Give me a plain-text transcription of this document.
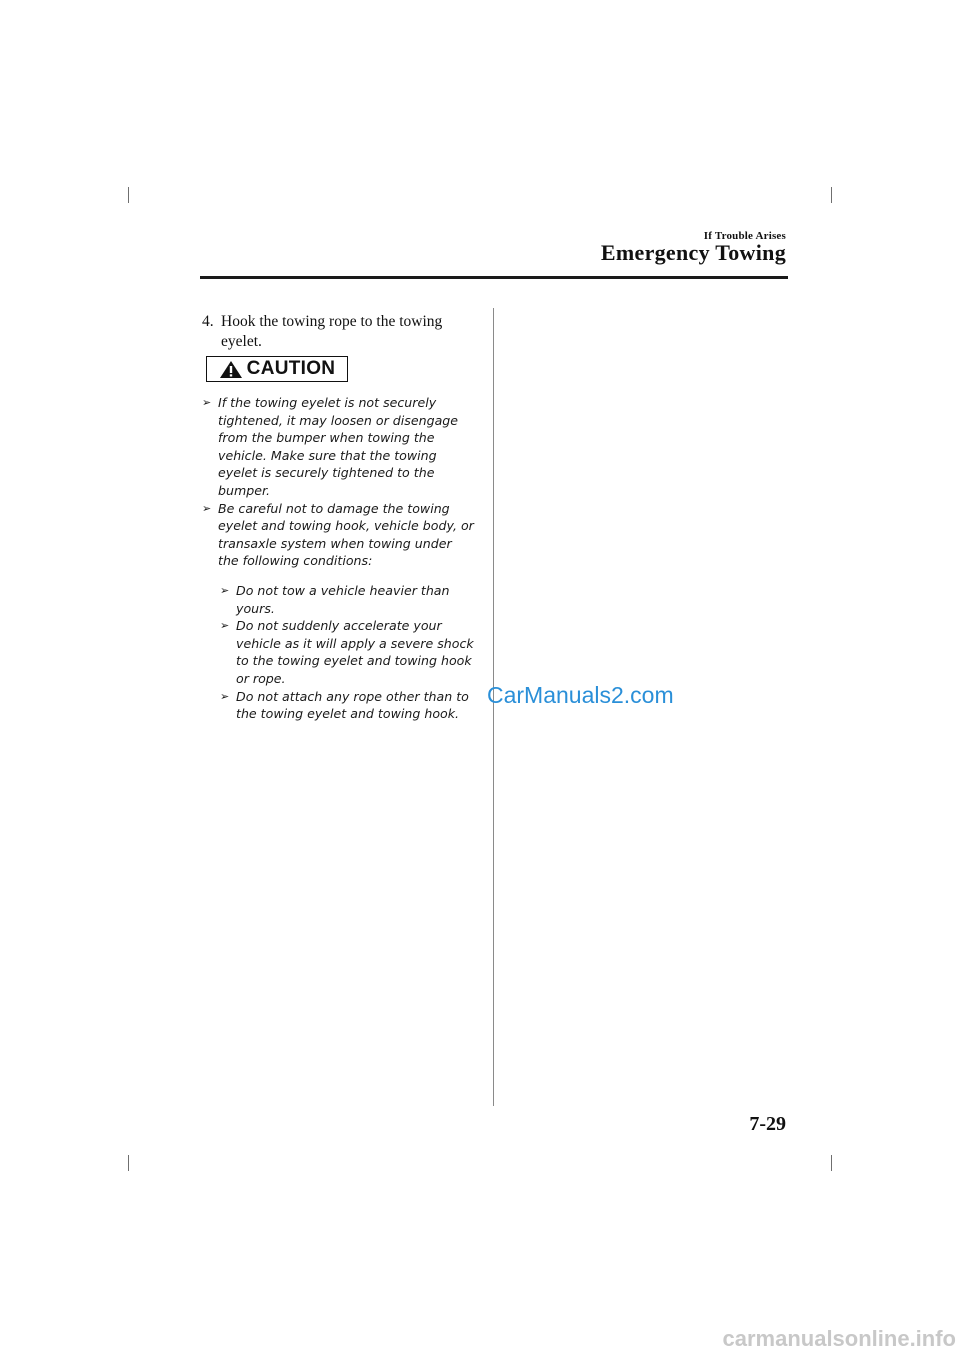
If Trouble Arises
Emergency Towing
4. Hook the towing rope to the towing eyelet.
CAUTION
➢ If the towing eyelet is not securely tightened, it may loosen or disengage from the bumper when towing the vehicle. Make sure that the towing eyelet is securely tightened to the bumper.
➢ Be careful not to damage the towing eyelet and towing hook, vehicle body, or transaxle system when towing under the following conditions:
➢ Do not tow a vehicle heavier than yours.
➢ Do not suddenly accelerate your vehicle as it will apply a severe shock to the towing eyelet and towing hook or rope.
➢ Do not attach any rope other than to the towing eyelet and towing hook.
CarManuals2.com
7-29
carmanualsonline.info
